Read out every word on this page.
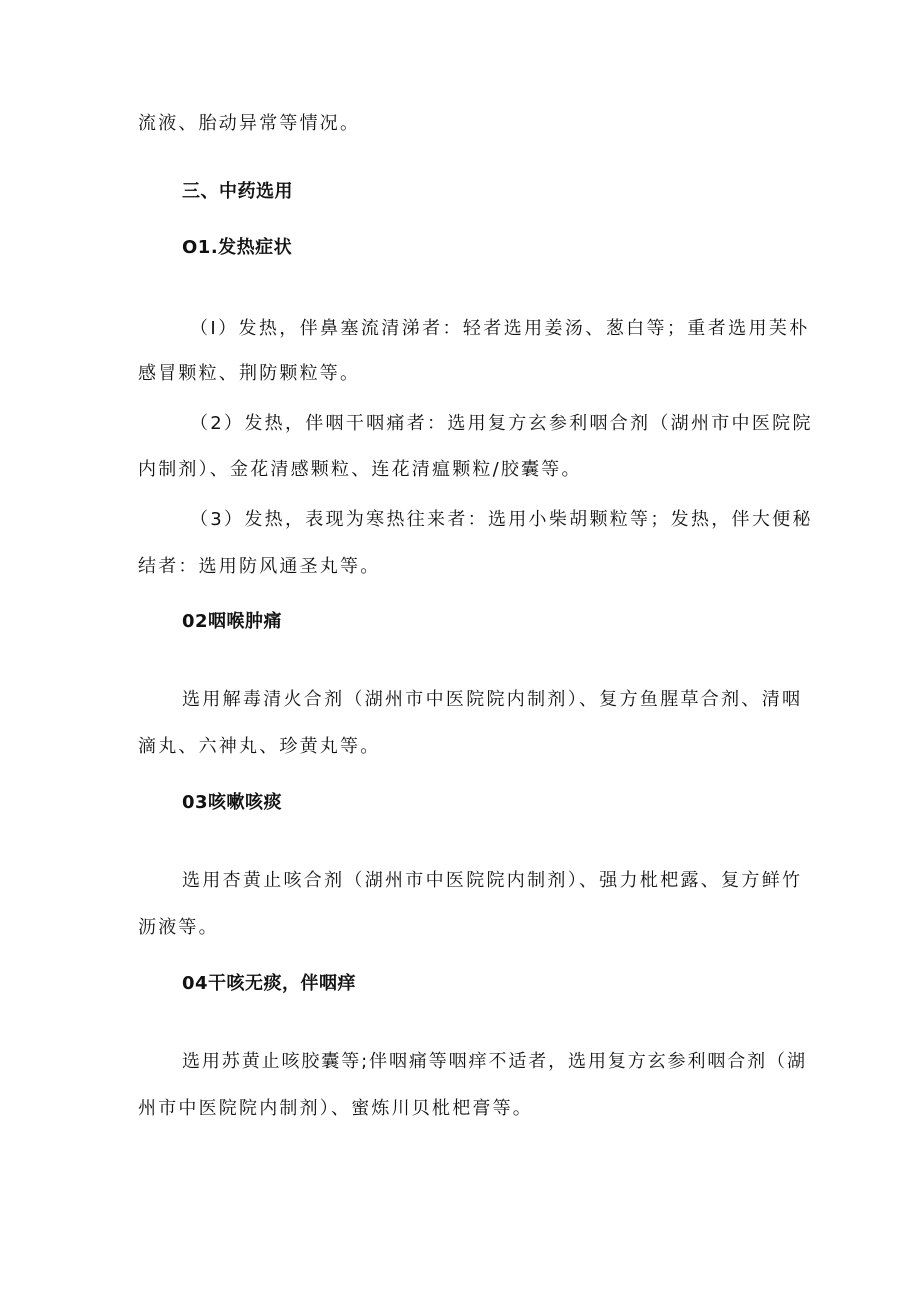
流液、胎动异常等情况。
三、中药选用
O1.发热症状
（I）发热，伴鼻塞流清涕者：轻者选用姜汤、葱白等；重者选用芙朴
感冒颗粒、荆防颗粒等。
（2）发热，伴咽干咽痛者：选用复方玄参利咽合剂（湖州市中医院院
内制剂）、金花清感颗粒、连花清瘟颗粒/胶囊等。
（3）发热，表现为寒热往来者：选用小柴胡颗粒等；发热，伴大便秘
结者：选用防风通圣丸等。
02咽喉肿痛
选用解毒清火合剂（湖州市中医院院内制剂）、复方鱼腥草合剂、清咽
滴丸、六神丸、珍黄丸等。
03咳嗽咳痰
选用杏黄止咳合剂（湖州市中医院院内制剂）、强力枇杷露、复方鲜竹
沥液等。
04干咳无痰，伴咽痒
选用苏黄止咳胶囊等;伴咽痛等咽痒不适者，选用复方玄参利咽合剂（湖
州市中医院院内制剂）、蜜炼川贝枇杷膏等。
